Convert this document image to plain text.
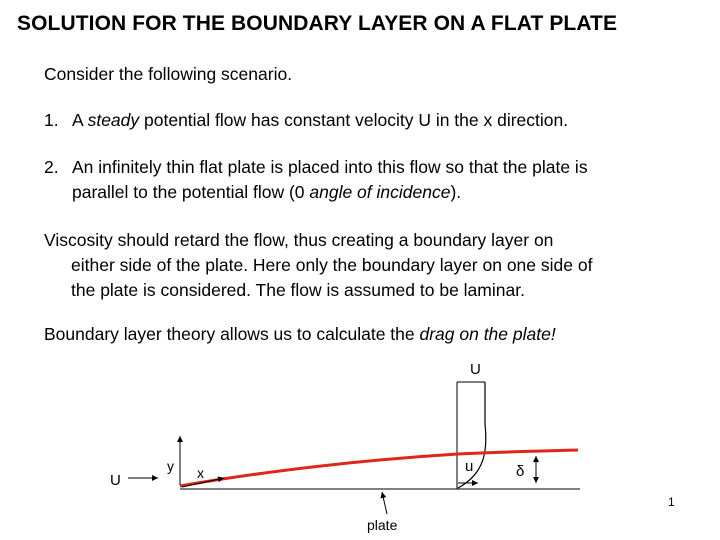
SOLUTION FOR THE BOUNDARY LAYER ON A FLAT PLATE
Consider the following scenario.
1. A steady potential flow has constant velocity U in the x direction.
2. An infinitely thin flat plate is placed into this flow so that the plate is
parallel to the potential flow (0 angle of incidence).
Viscosity should retard the flow, thus creating a boundary layer on
either side of the plate. Here only the boundary layer on one side of
the plate is considered. The flow is assumed to be laminar.
Boundary layer theory allows us to calculate the drag on the plate!
U
U
y x	u	δ
plate
1
